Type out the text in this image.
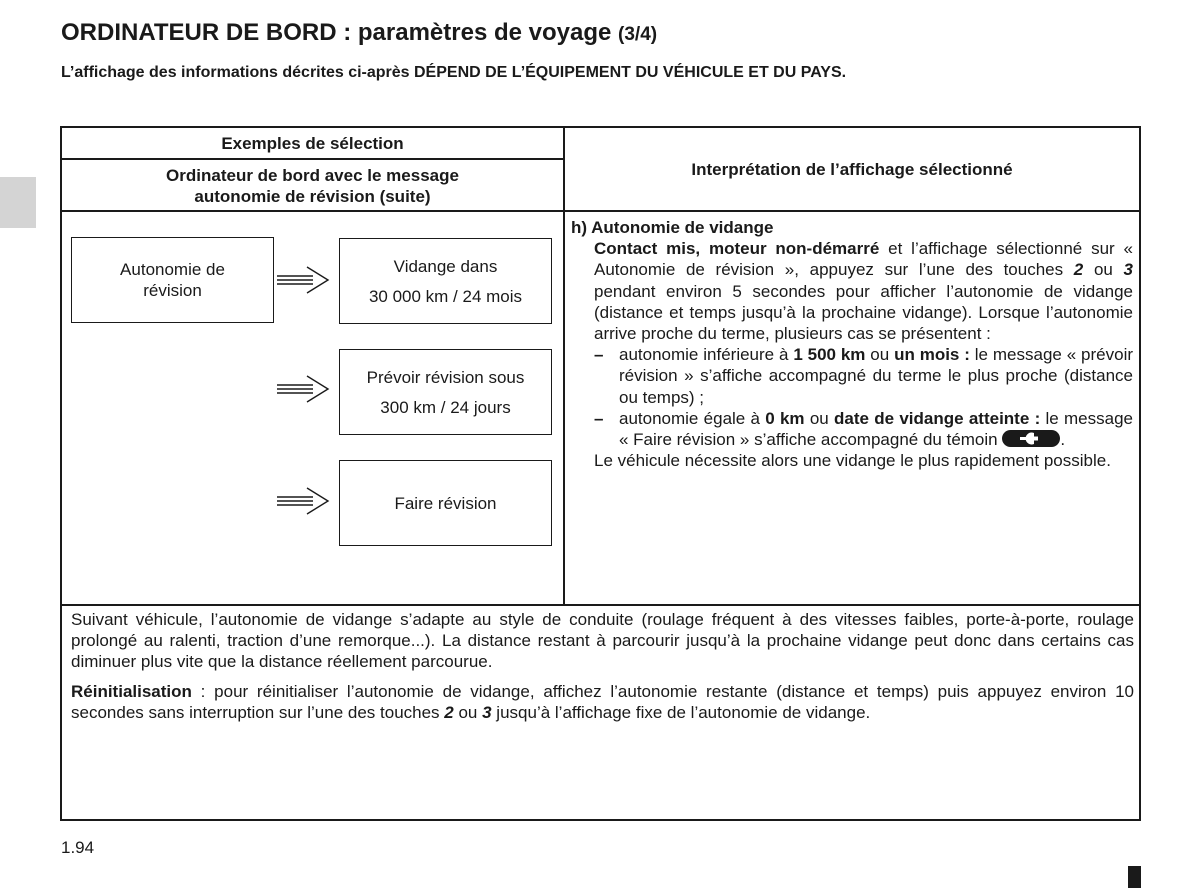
ORDINATEUR DE BORD : paramètres de voyage (3/4)

L’affichage des informations décrites ci-après DÉPEND DE L’ÉQUIPEMENT DU VÉHICULE ET DU PAYS.

Exemples de sélection
Ordinateur de bord avec le message
autonomie de révision (suite)
Interprétation de l’affichage sélectionné
Autonomie de
révision
Vidange dans
30 000 km / 24 mois
Prévoir révision sous
300 km / 24 jours
Faire révision

h) Autonomie de vidange

Contact mis, moteur non-démarré et l’affichage sélectionné sur « Autonomie de révision », appuyez sur l’une des touches 2 ou 3 pendant environ 5 secondes pour afficher l’autonomie de vidange (distance et temps jusqu’à la prochaine vidange). Lorsque l’autonomie arrive proche du terme, plusieurs cas se présentent :

– autonomie inférieure à 1 500 km ou un mois : le message « prévoir révision » s’affiche accompagné du terme le plus proche (distance ou temps) ;
– autonomie égale à 0 km ou date de vidange atteinte : le message « Faire révision » s’affiche accompagné du témoin	.

Le véhicule nécessite alors une vidange le plus rapidement possible.

Suivant véhicule, l’autonomie de vidange s’adapte au style de conduite (roulage fréquent à des vitesses faibles, porte-à-porte, roulage prolongé au ralenti, traction d’une remorque...). La distance restant à parcourir jusqu’à la prochaine vidange peut donc dans certains cas diminuer plus vite que la distance réellement parcourue.

Réinitialisation : pour réinitialiser l’autonomie de vidange, affichez l’autonomie restante (distance et temps) puis appuyez environ 10 secondes sans interruption sur l’une des touches 2 ou 3 jusqu’à l’affichage fixe de l’autonomie de vidange.

1.94
